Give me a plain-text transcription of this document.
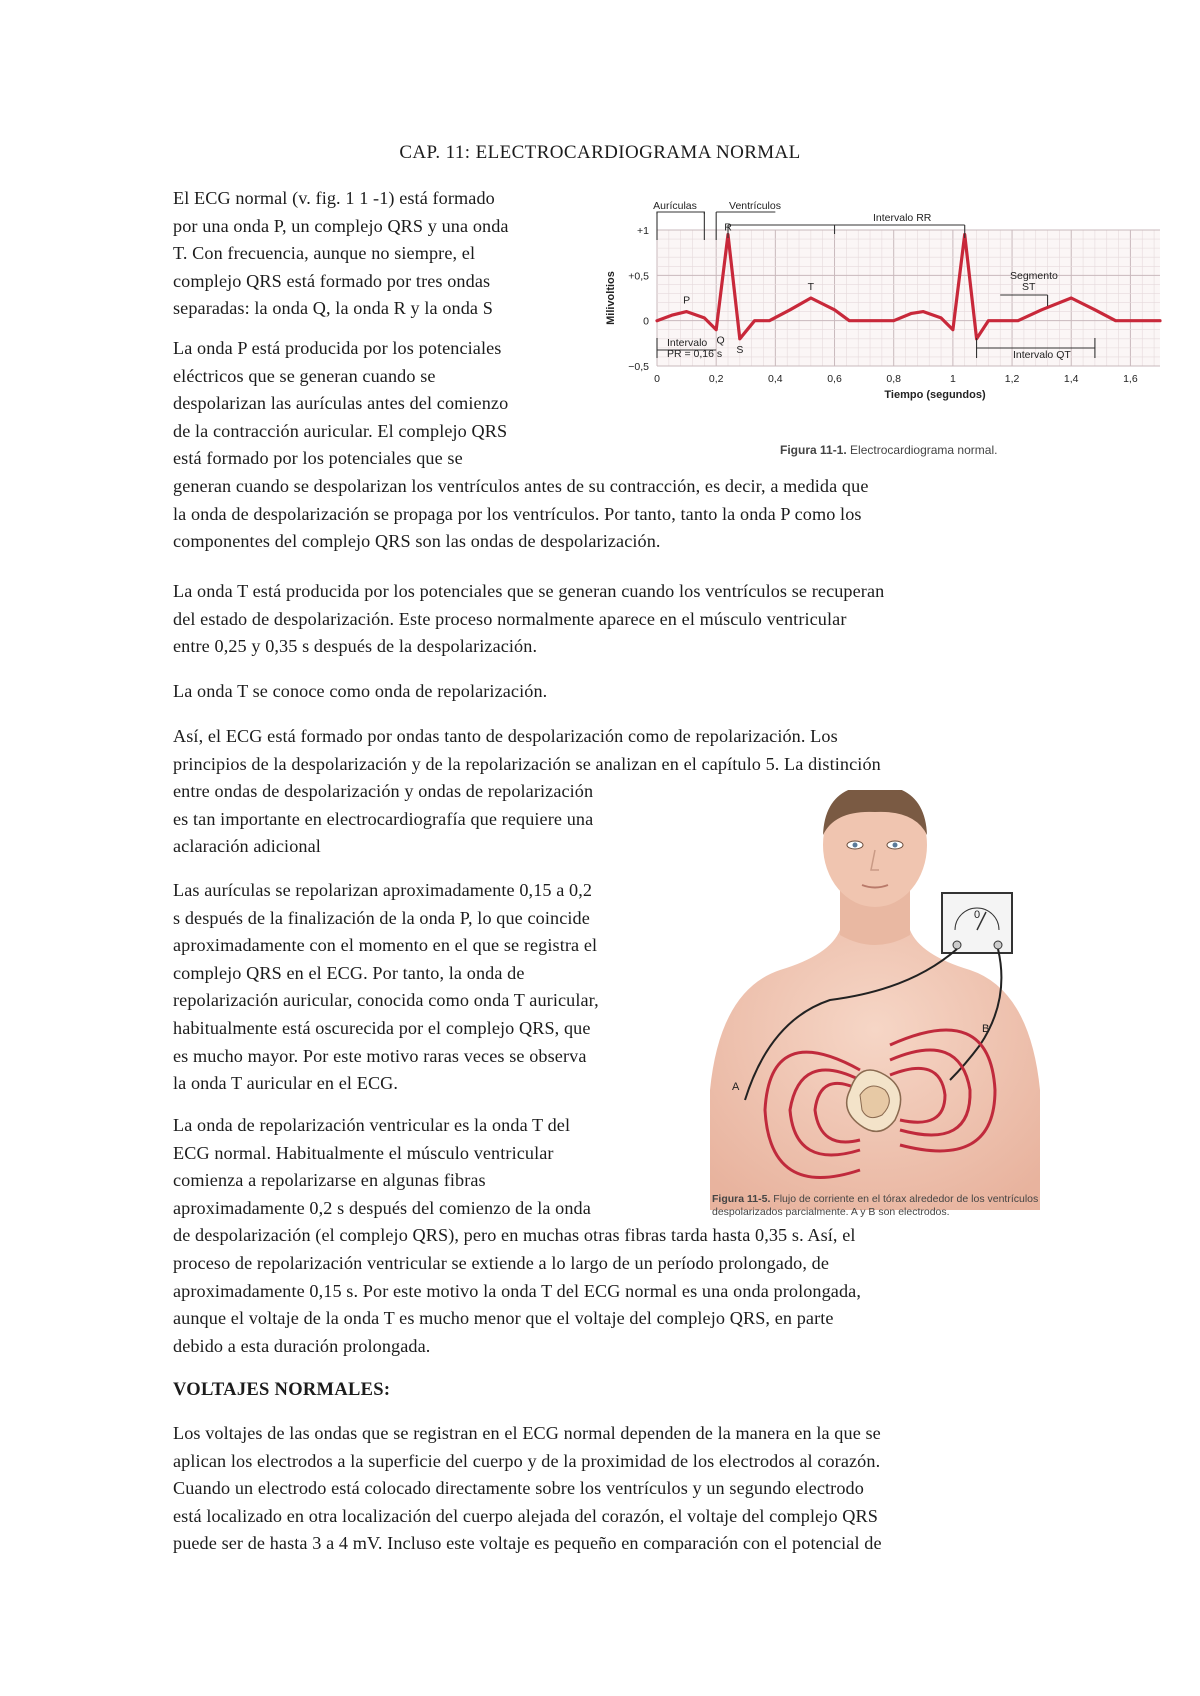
CAP. 11: ELECTROCARDIOGRAMA NORMAL
El ECG normal (v. fig. 1 1 -1) está formado
por una onda P, un complejo QRS y una onda
T. Con frecuencia, aunque no siempre, el
complejo QRS está formado por tres ondas
separadas: la onda Q, la onda R y la onda S
La onda P está producida por los potenciales
eléctricos que se generan cuando se
despolarizan las aurículas antes del comienzo
de la contracción auricular. El complejo QRS
está formado por los potenciales que se
generan cuando se despolarizan los ventrículos antes de su contracción, es decir, a medida que
la onda de despolarización se propaga por los ventrículos. Por tanto, tanto la onda P como los
componentes del complejo QRS son las ondas de despolarización.
La onda T está producida por los potenciales que se generan cuando los ventrículos se recuperan
del estado de despolarización. Este proceso normalmente aparece en el músculo ventricular
entre 0,25 y 0,35 s después de la despolarización.
La onda T se conoce como onda de repolarización.
Así, el ECG está formado por ondas tanto de despolarización como de repolarización. Los
principios de la despolarización y de la repolarización se analizan en el capítulo 5. La distinción
entre ondas de despolarización y ondas de repolarización
es tan importante en electrocardiografía que requiere una
aclaración adicional
Las aurículas se repolarizan aproximadamente 0,15 a 0,2
s después de la finalización de la onda P, lo que coincide
aproximadamente con el momento en el que se registra el
complejo QRS en el ECG. Por tanto, la onda de
repolarización auricular, conocida como onda T auricular,
habitualmente está oscurecida por el complejo QRS, que
es mucho mayor. Por este motivo raras veces se observa
la onda T auricular en el ECG.
La onda de repolarización ventricular es la onda T del
ECG normal. Habitualmente el músculo ventricular
comienza a repolarizarse en algunas fibras
aproximadamente 0,2 s después del comienzo de la onda
de despolarización (el complejo QRS), pero en muchas otras fibras tarda hasta 0,35 s. Así, el
proceso de repolarización ventricular se extiende a lo largo de un período prolongado, de
aproximadamente 0,15 s. Por este motivo la onda T del ECG normal es una onda prolongada,
aunque el voltaje de la onda T es mucho menor que el voltaje del complejo QRS, en parte
debido a esta duración prolongada.
VOLTAJES NORMALES:
Los voltajes de las ondas que se registran en el ECG normal dependen de la manera en la que se
aplican los electrodos a la superficie del cuerpo y de la proximidad de los electrodos al corazón.
Cuando un electrodo está colocado directamente sobre los ventrículos y un segundo electrodo
está localizado en otra localización del cuerpo alejada del corazón, el voltaje del complejo QRS
puede ser de hasta 3 a 4 mV. Incluso este voltaje es pequeño en comparación con el potencial de
+1
+0,5
0
−0,5
0	0,2	0,4	0,6	0,8	1	1,2	1,4	1,6
Milivoltios
Tiempo (segundos)
Aurículas	Ventrículos
Intervalo RR
Segmento
ST
Intervalo
PR = 0,16 s	Intervalo QT
P
R
Q
S
T
Figura 11-1. Electrocardiograma normal.
0
A
B
Figura 11-5. Flujo de corriente en el tórax alrededor de los ventrículos
despolarizados parcialmente. A y B son electrodos.
